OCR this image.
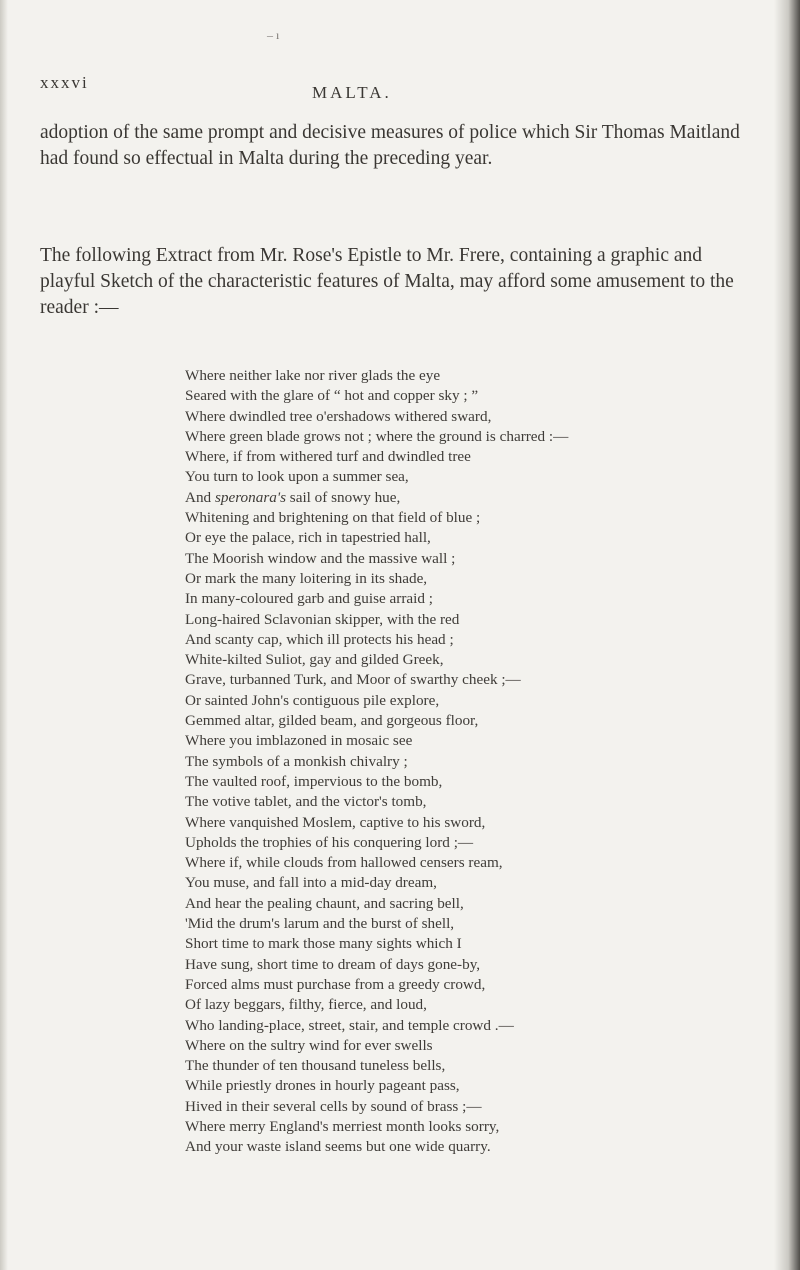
– ı
xxxvi
MALTA.

adoption of the same prompt and decisive measures of police which Sir Thomas Maitland had found so effectual in Malta during the preceding year.

The following Extract from Mr. Rose's Epistle to Mr. Frere, containing a graphic and playful Sketch of the characteristic features of Malta, may afford some amusement to the reader :—

Where neither lake nor river glads the eye
Seared with the glare of “ hot and copper sky ; ”
Where dwindled tree o'ershadows withered sward,
Where green blade grows not ; where the ground is charred :—
Where, if from withered turf and dwindled tree
You turn to look upon a summer sea,
And speronara's sail of snowy hue,
Whitening and brightening on that field of blue ;
Or eye the palace, rich in tapestried hall,
The Moorish window and the massive wall ;
Or mark the many loitering in its shade,
In many-coloured garb and guise arraid ;
Long-haired Sclavonian skipper, with the red
And scanty cap, which ill protects his head ;
White-kilted Suliot, gay and gilded Greek,
Grave, turbanned Turk, and Moor of swarthy cheek ;—
Or sainted John's contiguous pile explore,
Gemmed altar, gilded beam, and gorgeous floor,
Where you imblazoned in mosaic see
The symbols of a monkish chivalry ;
The vaulted roof, impervious to the bomb,
The votive tablet, and the victor's tomb,
Where vanquished Moslem, captive to his sword,
Upholds the trophies of his conquering lord ;—
Where if, while clouds from hallowed censers ream,
You muse, and fall into a mid-day dream,
And hear the pealing chaunt, and sacring bell,
'Mid the drum's larum and the burst of shell,
Short time to mark those many sights which I
Have sung, short time to dream of days gone-by,
Forced alms must purchase from a greedy crowd,
Of lazy beggars, filthy, fierce, and loud,
Who landing-place, street, stair, and temple crowd .—
Where on the sultry wind for ever swells
The thunder of ten thousand tuneless bells,
While priestly drones in hourly pageant pass,
Hived in their several cells by sound of brass ;—
Where merry England's merriest month looks sorry,
And your waste island seems but one wide quarry.
